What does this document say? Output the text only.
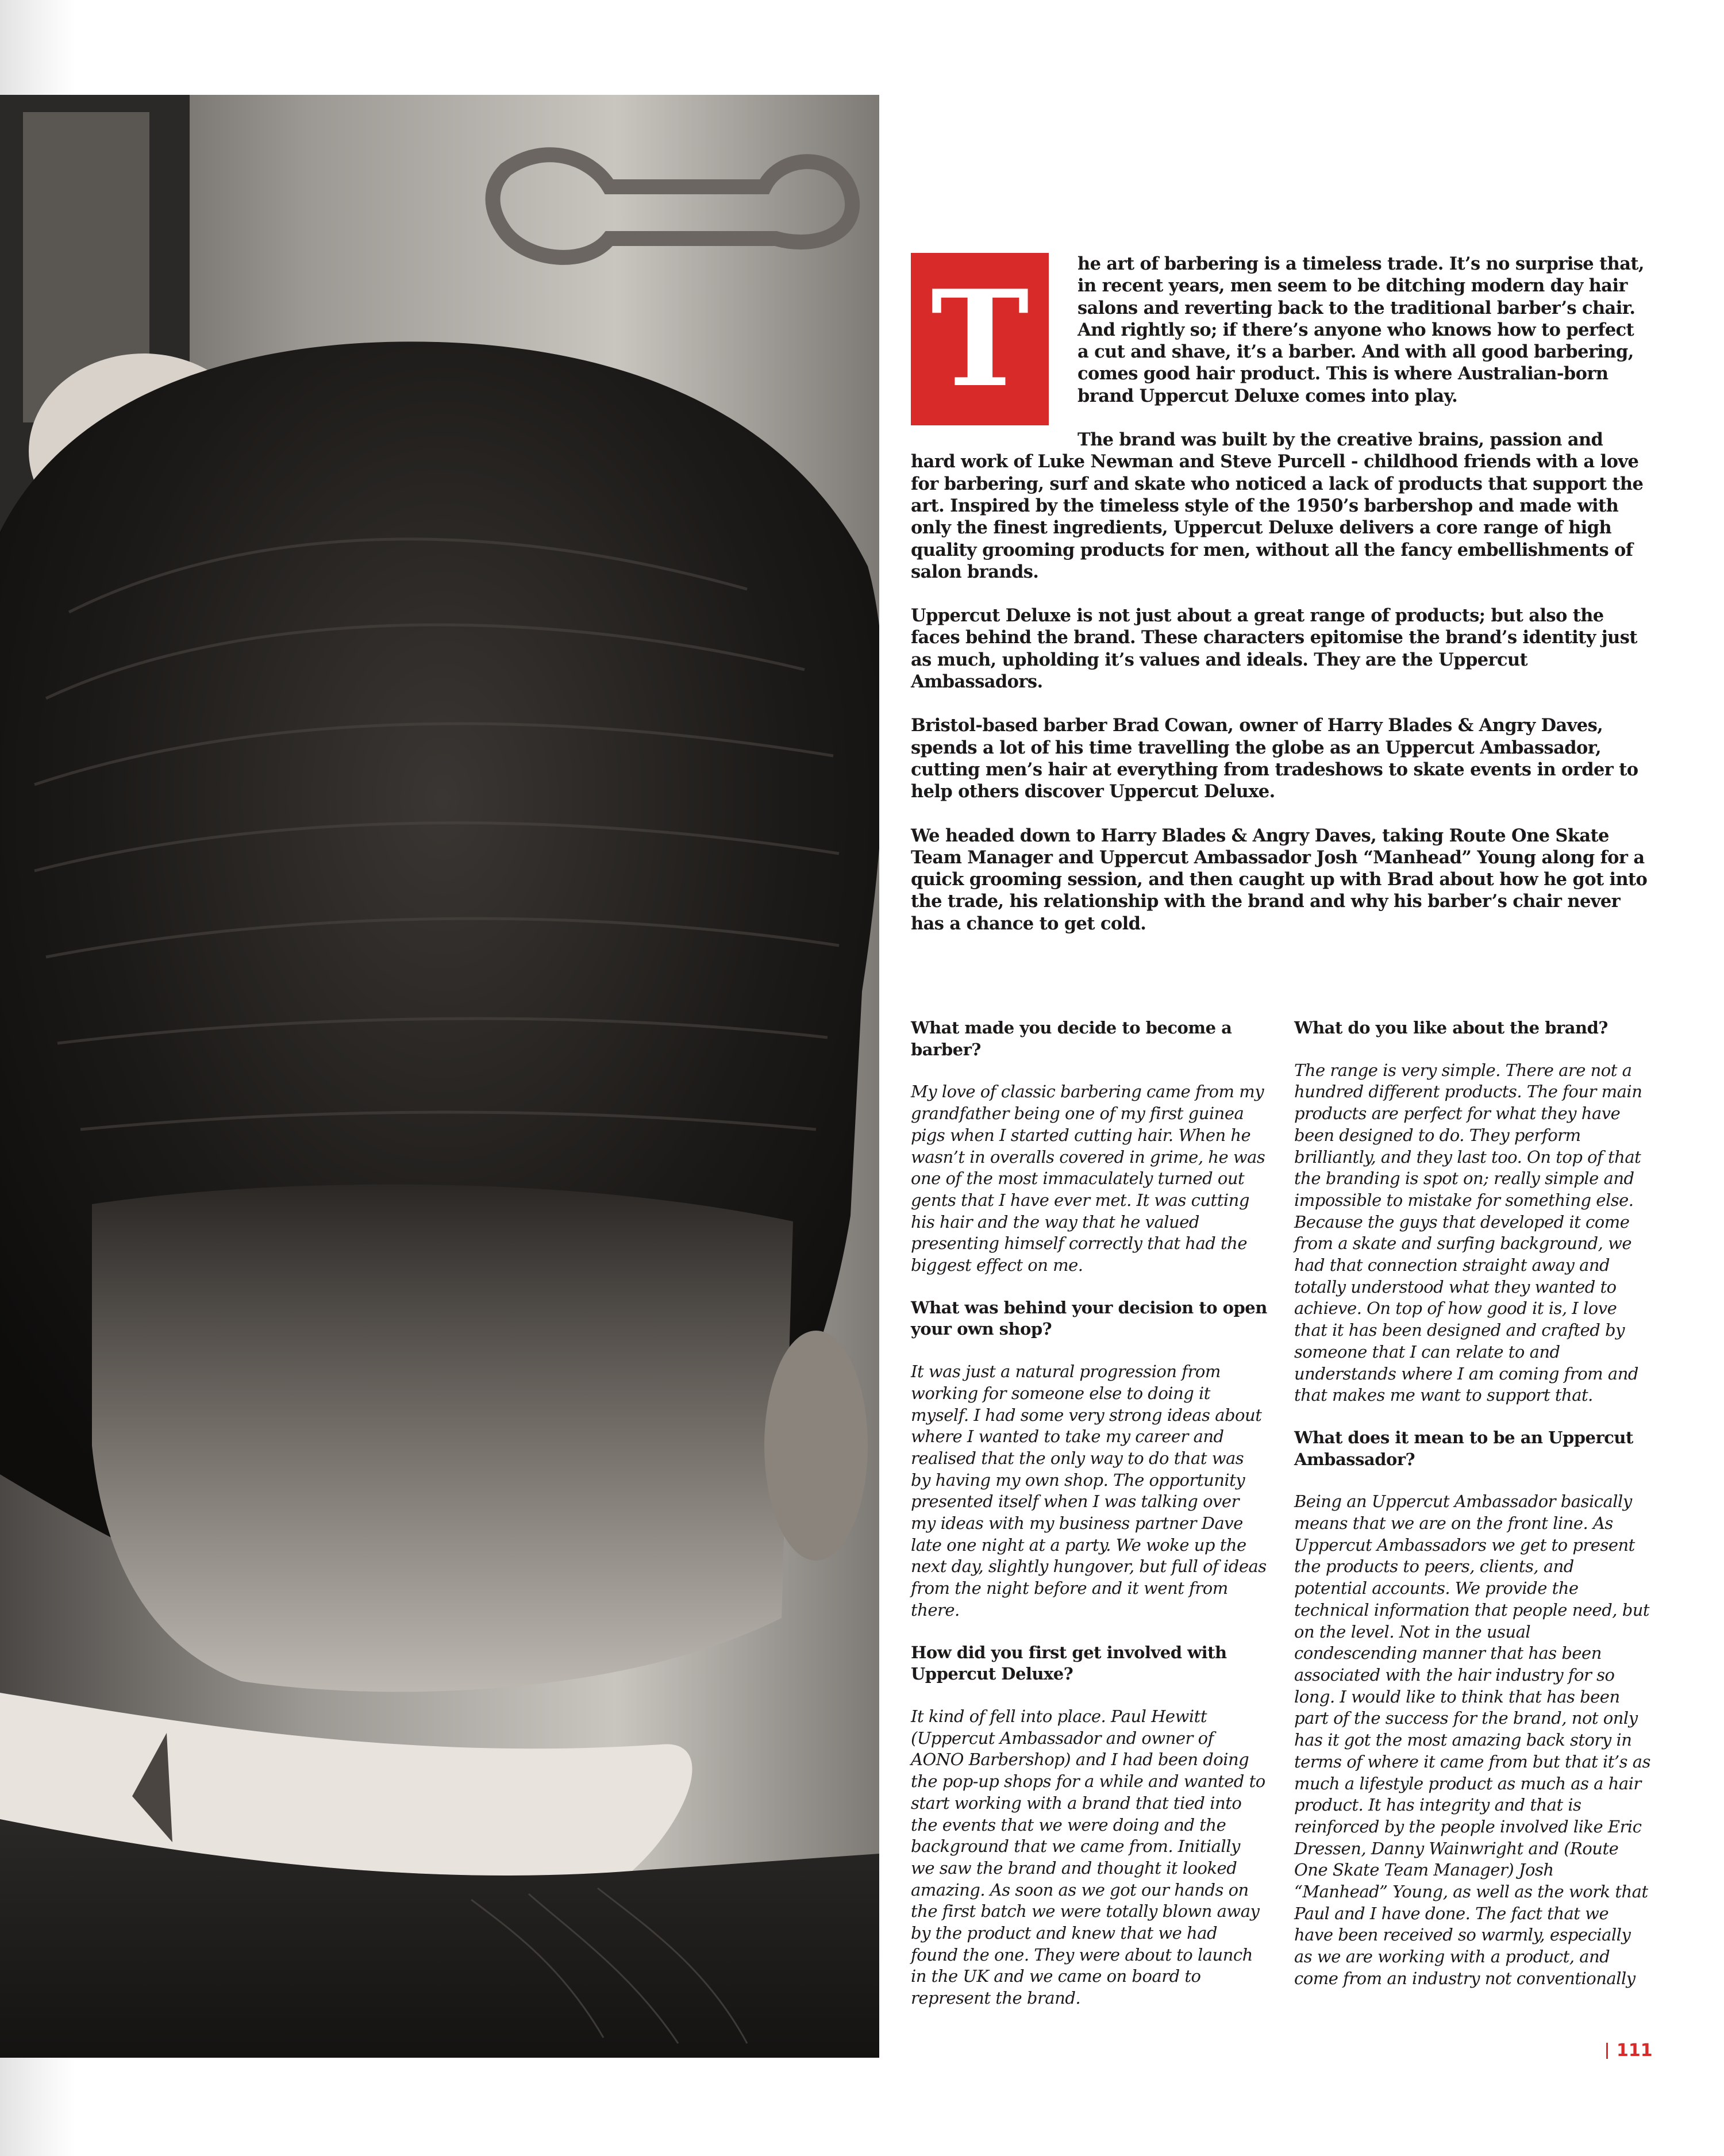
T	he art of barbering is a timeless trade. It’s no surprise that, in recent years, men seem to be ditching modern day hair salons and reverting back to the traditional barber’s chair. And rightly so; if there’s anyone who knows how to perfect a cut and shave, it’s a barber. And with all good barbering, comes good hair product. This is where Australian-born brand Uppercut Deluxe comes into play.

The brand was built by the creative brains, passion and hard work of Luke Newman and Steve Purcell - childhood friends with a love for barbering, surf and skate who noticed a lack of products that support the art. Inspired by the timeless style of the 1950’s barbershop and made with only the finest ingredients, Uppercut Deluxe delivers a core range of high quality grooming products for men, without all the fancy embellishments of salon brands.

Uppercut Deluxe is not just about a great range of products; but also the faces behind the brand. These characters epitomise the brand’s identity just as much, upholding it’s values and ideals. They are the Uppercut Ambassadors.

Bristol-based barber Brad Cowan, owner of Harry Blades & Angry Daves, spends a lot of his time travelling the globe as an Uppercut Ambassador, cutting men’s hair at everything from tradeshows to skate events in order to help others discover Uppercut Deluxe.

We headed down to Harry Blades & Angry Daves, taking Route One Skate Team Manager and Uppercut Ambassador Josh “Manhead” Young along for a quick grooming session, and then caught up with Brad about how he got into the trade, his relationship with the brand and why his barber’s chair never has a chance to get cold.

What made you decide to become a barber?

My love of classic barbering came from my grandfather being one of my first guinea pigs when I started cutting hair. When he wasn’t in overalls covered in grime, he was one of the most immaculately turned out gents that I have ever met. It was cutting his hair and the way that he valued presenting himself correctly that had the biggest effect on me.

What was behind your decision to open your own shop?

It was just a natural progression from working for someone else to doing it myself. I had some very strong ideas about where I wanted to take my career and realised that the only way to do that was by having my own shop. The opportunity presented itself when I was talking over my ideas with my business partner Dave late one night at a party. We woke up the next day, slightly hungover, but full of ideas from the night before and it went from there.

How did you first get involved with Uppercut Deluxe?

It kind of fell into place. Paul Hewitt (Uppercut Ambassador and owner of AONO Barbershop) and I had been doing the pop-up shops for a while and wanted to start working with a brand that tied into the events that we were doing and the background that we came from. Initially we saw the brand and thought it looked amazing. As soon as we got our hands on the first batch we were totally blown away by the product and knew that we had found the one. They were about to launch in the UK and we came on board to represent the brand.

What do you like about the brand?

The range is very simple. There are not a hundred different products. The four main products are perfect for what they have been designed to do. They perform brilliantly, and they last too. On top of that the branding is spot on; really simple and impossible to mistake for something else. Because the guys that developed it come from a skate and surfing background, we had that connection straight away and totally understood what they wanted to achieve. On top of how good it is, I love that it has been designed and crafted by someone that I can relate to and understands where I am coming from and that makes me want to support that.

What does it mean to be an Uppercut Ambassador?

Being an Uppercut Ambassador basically means that we are on the front line. As Uppercut Ambassadors we get to present the products to peers, clients, and potential accounts. We provide the technical information that people need, but on the level. Not in the usual condescending manner that has been associated with the hair industry for so long. I would like to think that has been part of the success for the brand, not only has it got the most amazing back story in terms of where it came from but that it’s as much a lifestyle product as much as a hair product. It has integrity and that is reinforced by the people involved like Eric Dressen, Danny Wainwright and (Route One Skate Team Manager) Josh “Manhead” Young, as well as the work that Paul and I have done. The fact that we have been received so warmly, especially as we are working with a product, and come from an industry not conventionally

111
